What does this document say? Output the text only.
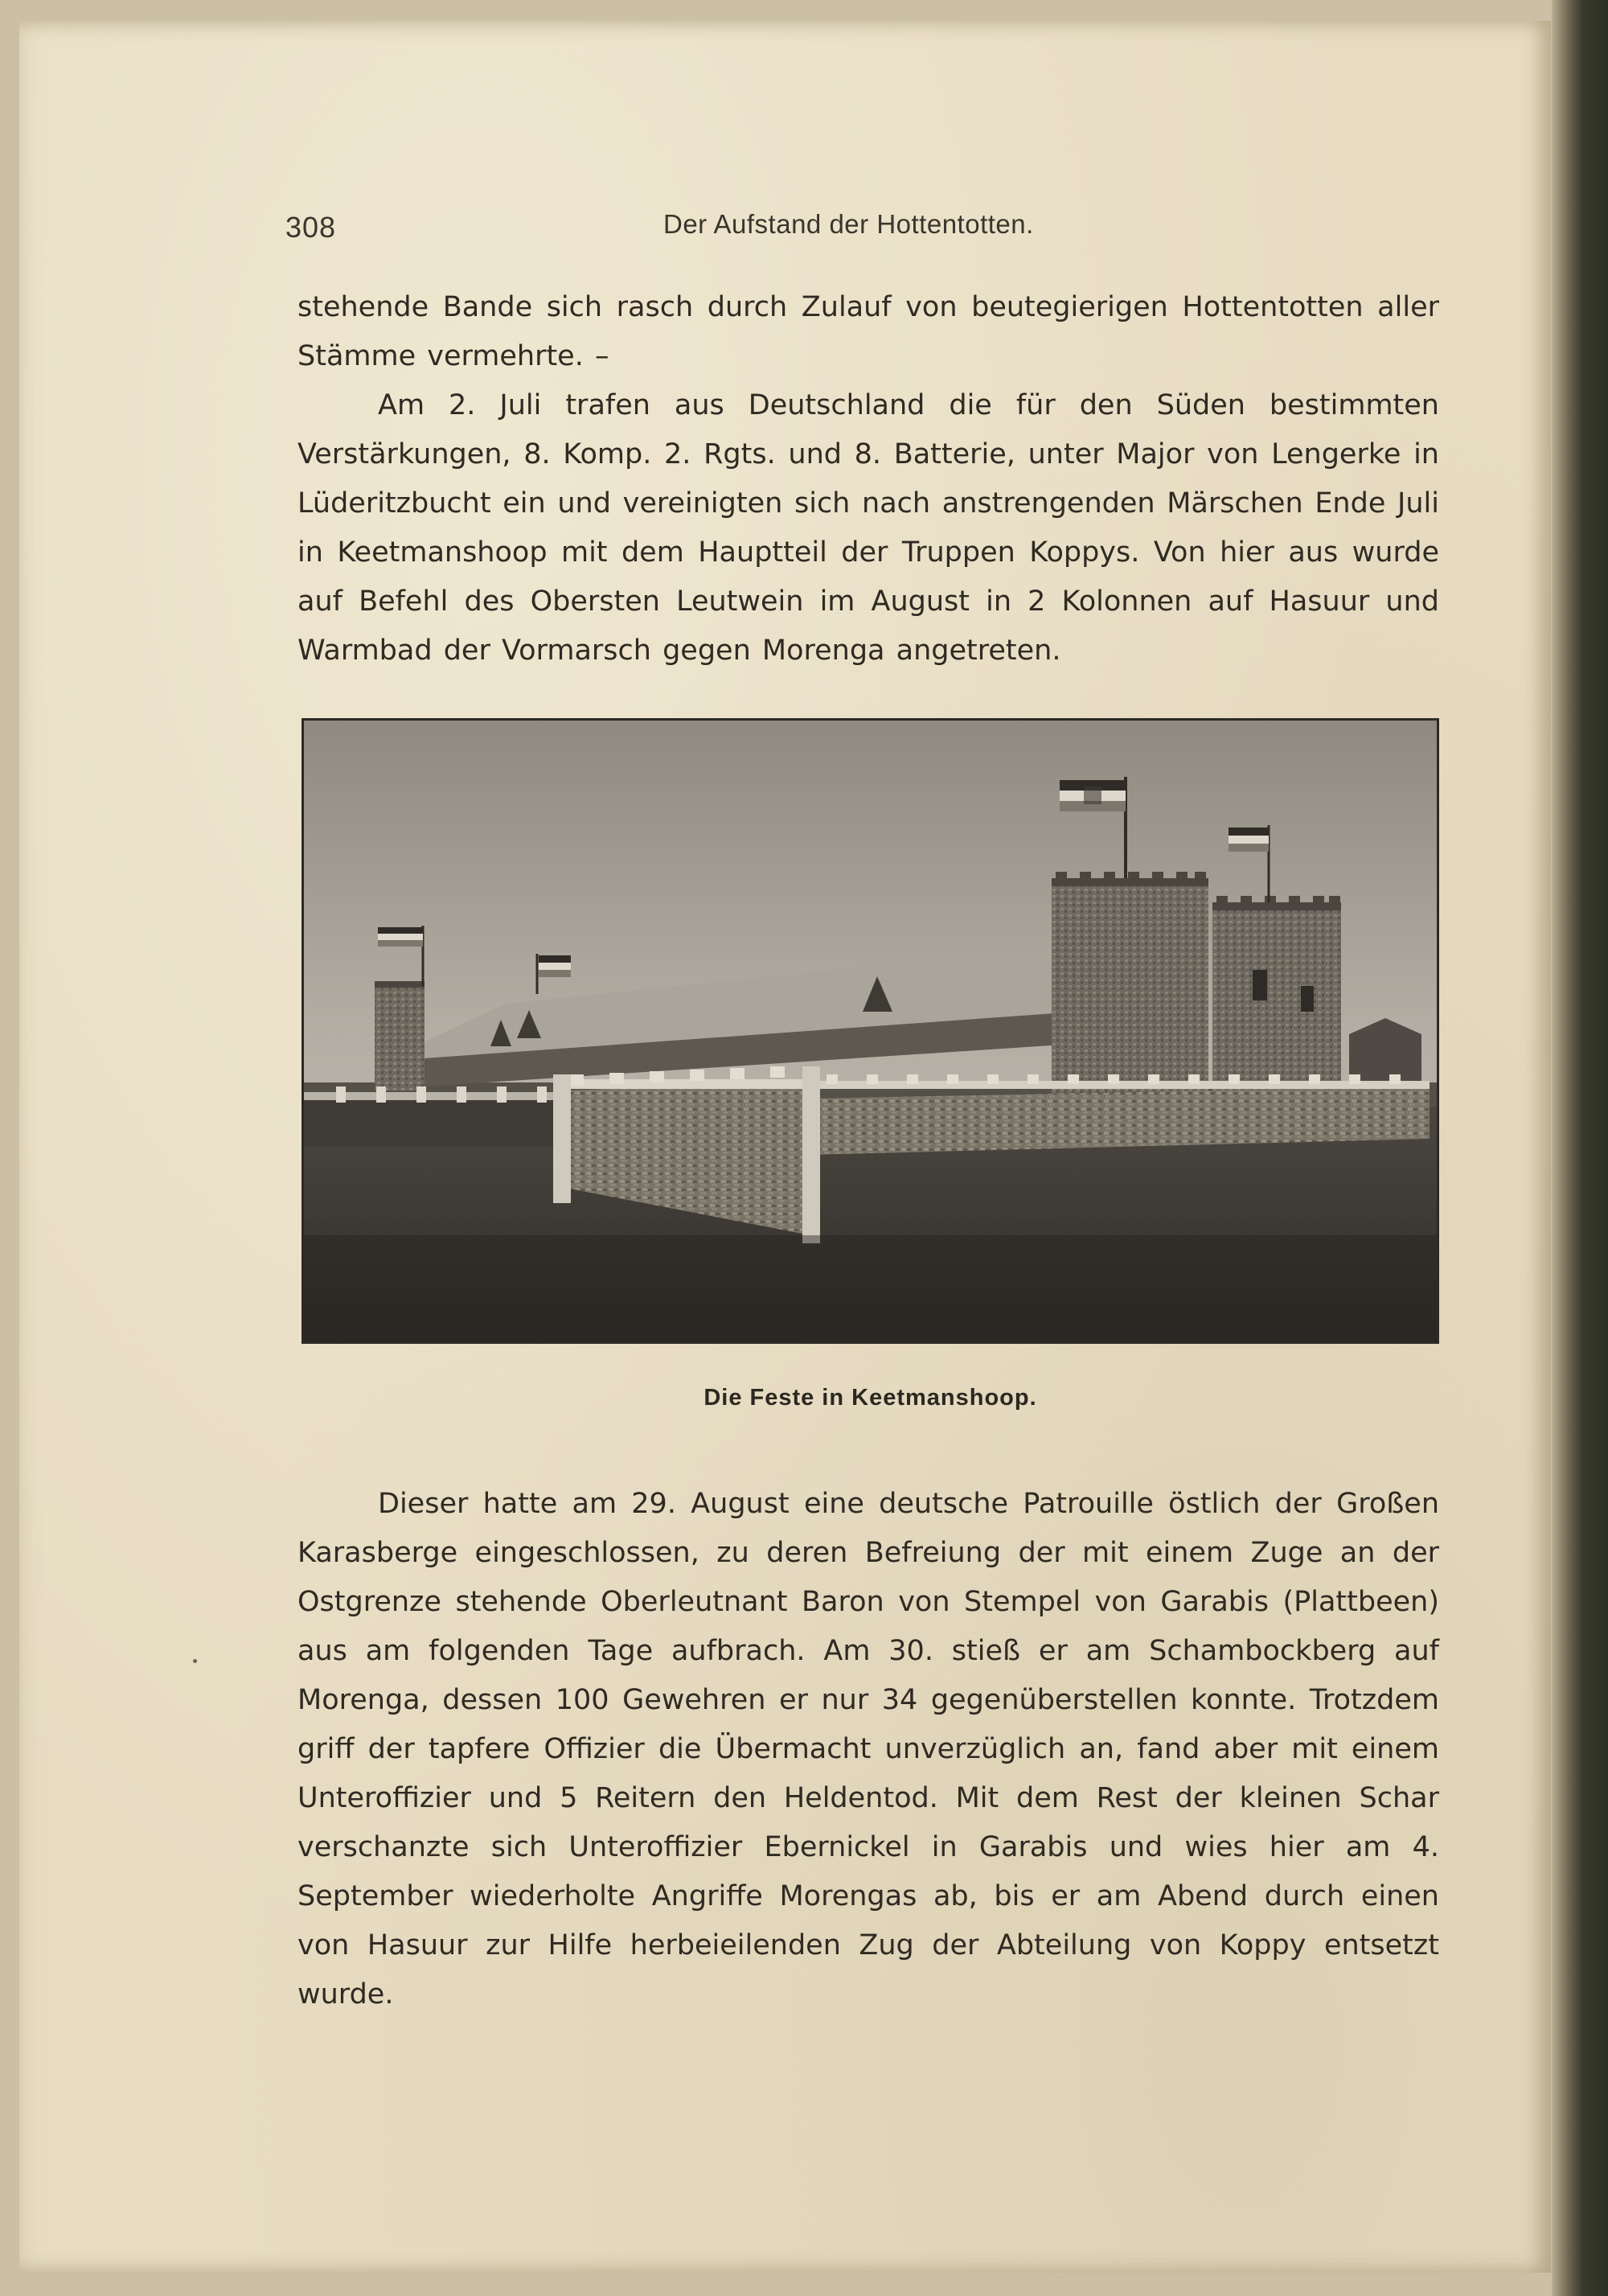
308	Der Aufstand der Hottentotten.

stehende Bande sich rasch durch Zulauf von beutegierigen Hottentotten aller Stämme vermehrte. –

Am 2. Juli trafen aus Deutschland die für den Süden bestimmten Verstärkungen, 8. Komp. 2. Rgts. und 8. Batterie, unter Major von Lengerke in Lüderitzbucht ein und vereinigten sich nach anstrengenden Märschen Ende Juli in Keetmanshoop mit dem Hauptteil der Truppen Koppys. Von hier aus wurde auf Befehl des Obersten Leutwein im August in 2 Kolonnen auf Hasuur und Warmbad der Vormarsch gegen Morenga angetreten.

Die Feste in Keetmanshoop.

Dieser hatte am 29. August eine deutsche Patrouille östlich der Großen Karasberge eingeschlossen, zu deren Befreiung der mit einem Zuge an der Ostgrenze stehende Oberleutnant Baron von Stempel von Garabis (Plattbeen) aus am folgenden Tage aufbrach. Am 30. stieß er am Schambockberg auf Morenga, dessen 100 Gewehren er nur 34 gegenüberstellen konnte. Trotzdem griff der tapfere Offizier die Übermacht unverzüglich an, fand aber mit einem Unteroffizier und 5 Reitern den Heldentod. Mit dem Rest der kleinen Schar verschanzte sich Unteroffizier Ebernickel in Garabis und wies hier am 4. September wiederholte Angriffe Morengas ab, bis er am Abend durch einen von Hasuur zur Hilfe herbeieilenden Zug der Abteilung von Koppy entsetzt wurde.
